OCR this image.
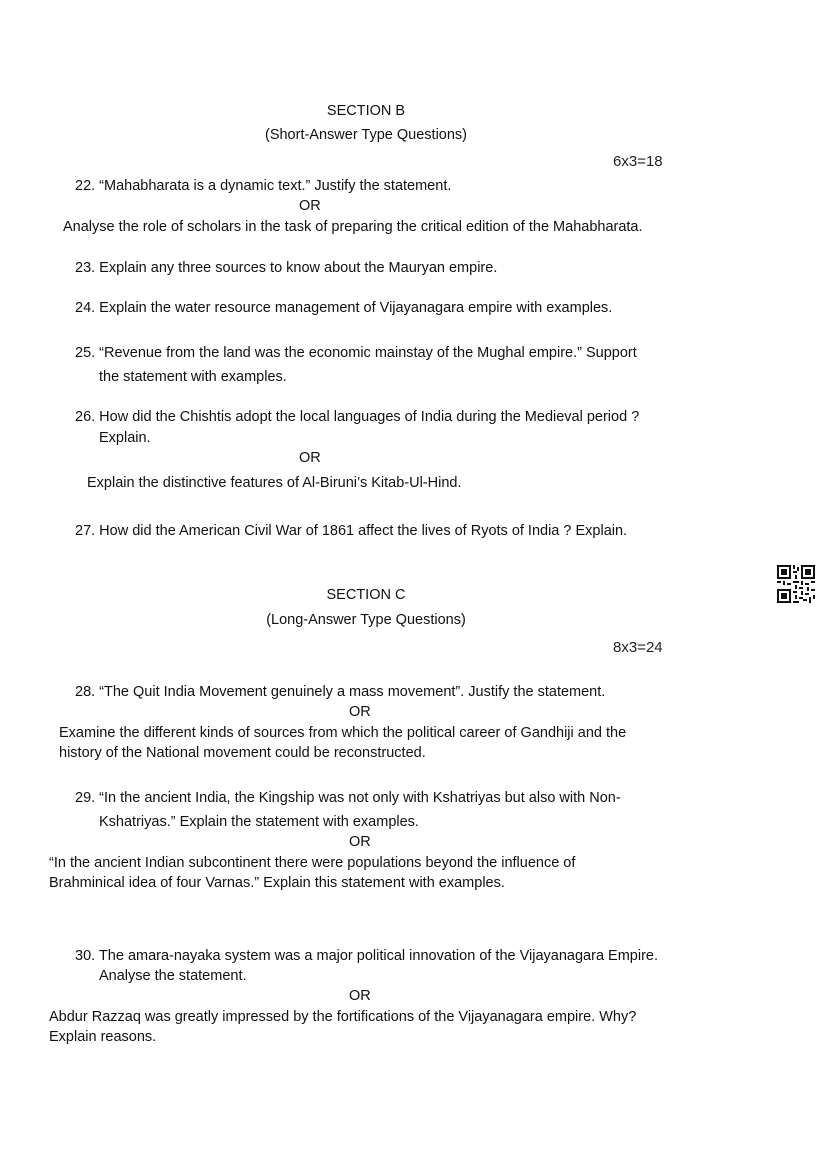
SECTION B
(Short-Answer Type Questions)
6x3=18
22. “Mahabharata is a dynamic text.” Justify the statement.
OR
Analyse the role of scholars in the task of preparing the critical edition of the Mahabharata.
23. Explain any three sources to know about the Mauryan empire.
24. Explain the water resource management of Vijayanagara empire with examples.
25. “Revenue from the land was the economic mainstay of the Mughal empire.” Support
the statement with examples.
26. How did the Chishtis adopt the local languages of India during the Medieval period ?
Explain.
OR
Explain the distinctive features of Al-Biruni’s Kitab-Ul-Hind.
27. How did the American Civil War of 1861 affect the lives of Ryots of India ? Explain.
SECTION C
(Long-Answer Type Questions)
8x3=24
28. “The Quit India Movement genuinely a mass movement”. Justify the statement.
OR
Examine the different kinds of sources from which the political career of Gandhiji and the
history of the National movement could be reconstructed.
29. “In the ancient India, the Kingship was not only with Kshatriyas but also with Non-
Kshatriyas.” Explain the statement with examples.
OR
“In the ancient Indian subcontinent there were populations beyond the influence of
Brahminical idea of four Varnas.” Explain this statement with examples.
30. The amara-nayaka system was a major political innovation of the Vijayanagara Empire.
Analyse the statement.
OR
Abdur Razzaq was greatly impressed by the fortifications of the Vijayanagara empire. Why?
Explain reasons.
